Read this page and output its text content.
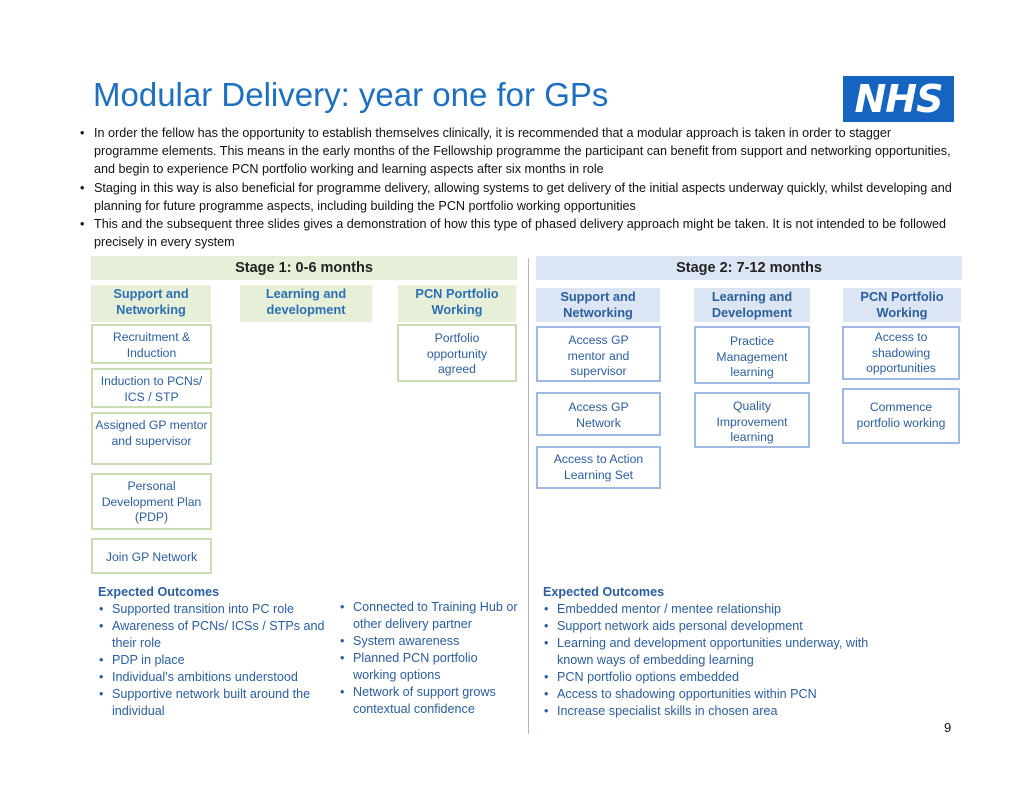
Modular Delivery: year one for GPs	NHS
• In order the fellow has the opportunity to establish themselves clinically, it is recommended that a modular approach is taken in order to stagger programme elements. This means in the early months of the Fellowship programme the participant can benefit from support and networking opportunities, and begin to experience PCN portfolio working and learning aspects after six months in role
• Staging in this way is also beneficial for programme delivery, allowing systems to get delivery of the initial aspects underway quickly, whilst developing and planning for future programme aspects, including building the PCN portfolio working opportunities
• This and the subsequent three slides gives a demonstration of how this type of phased delivery approach might be taken. It is not intended to be followed precisely in every system
Stage 1: 0-6 months	Stage 2: 7-12 months
Support and Networking
Learning and development
PCN Portfolio Working
Recruitment & Induction
Induction to PCNs/ ICS / STP
Assigned GP mentor and supervisor
Personal Development Plan (PDP)
Join GP Network
Portfolio opportunity agreed
Support and Networking
Learning and Development
PCN Portfolio Working
Access GP mentor and supervisor
Access GP Network
Access to Action Learning Set
Practice Management learning
Quality Improvement learning
Access to shadowing opportunities
Commence portfolio working

Expected Outcomes

• Supported transition into PC role
• Awareness of PCNs/ ICSs / STPs and their role
• PDP in place
• Individual's ambitions understood
• Supportive network built around the individual
• Connected to Training Hub or other delivery partner
• System awareness
• Planned PCN portfolio working options
• Network of support grows contextual confidence

Expected Outcomes

• Embedded mentor / mentee relationship
• Support network aids personal development
• Learning and development opportunities underway, with known ways of embedding learning
• PCN portfolio options embedded
• Access to shadowing opportunities within PCN
• Increase specialist skills in chosen area
9
